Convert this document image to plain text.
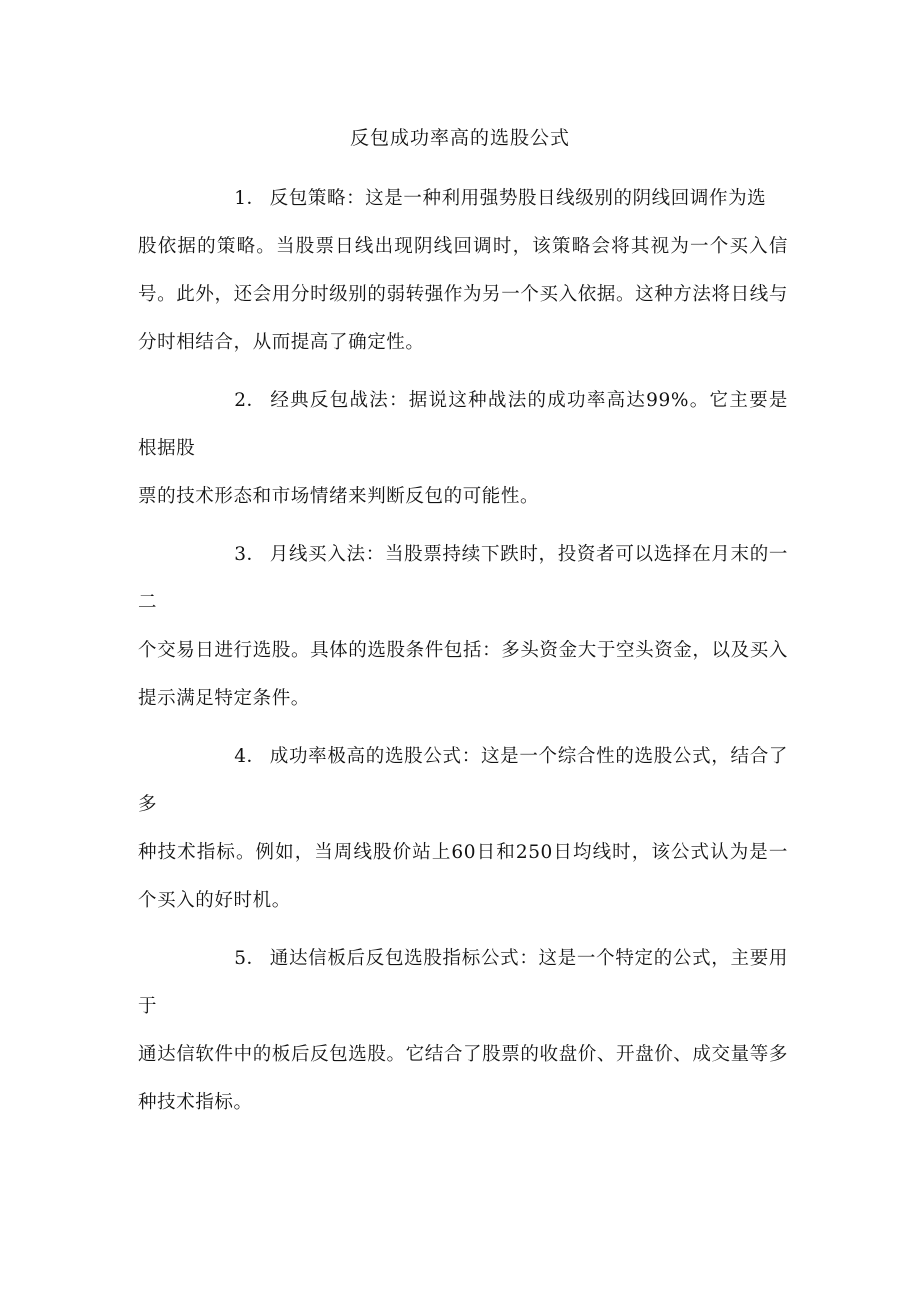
反包成功率高的选股公式

1． 反包策略：这是一种利用强势股日线级别的阴线回调作为选
股依据的策略。当股票日线出现阴线回调时，该策略会将其视为一个买入信号。此外，还会用分时级别的弱转强作为另一个买入依据。这种方法将日线与分时相结合，从而提高了确定性。

2． 经典反包战法：据说这种战法的成功率高达99%。它主要是根据股
票的技术形态和市场情绪来判断反包的可能性。

3． 月线买入法：当股票持续下跌时，投资者可以选择在月末的一二
个交易日进行选股。具体的选股条件包括：多头资金大于空头资金，以及买入提示满足特定条件。

4． 成功率极高的选股公式：这是一个综合性的选股公式，结合了多
种技术指标。例如，当周线股价站上60日和250日均线时，该公式认为是一个买入的好时机。

5． 通达信板后反包选股指标公式：这是一个特定的公式，主要用于
通达信软件中的板后反包选股。它结合了股票的收盘价、开盘价、成交量等多种技术指标。
